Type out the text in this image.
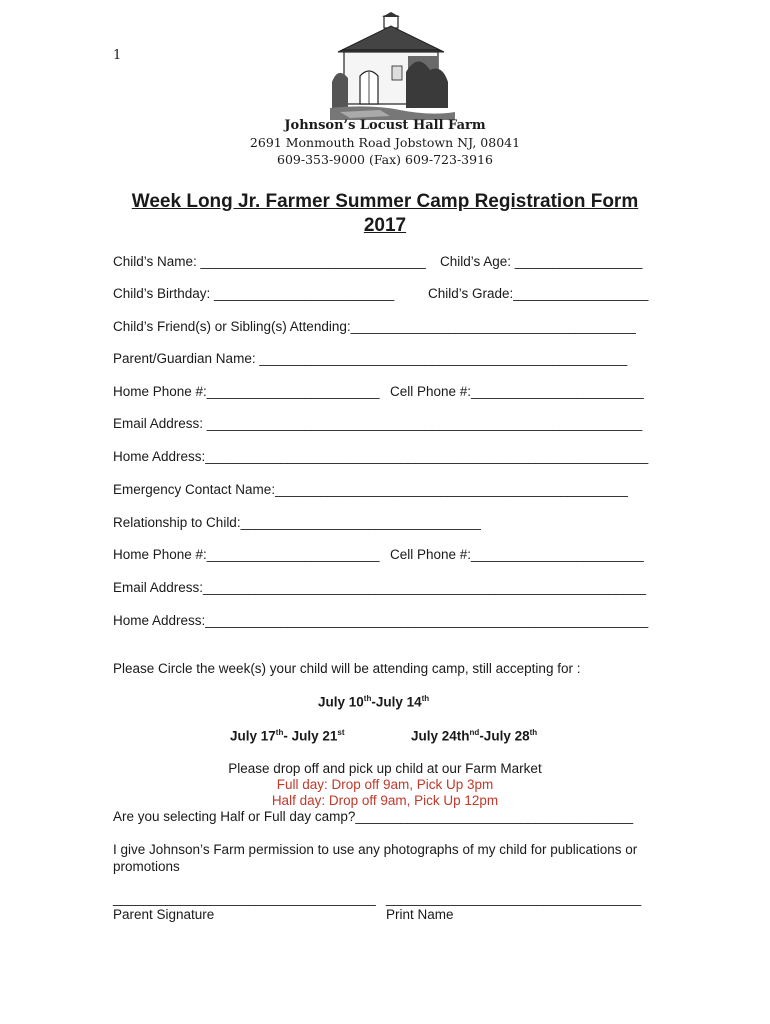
1
Johnson’s Locust Hall Farm
2691 Monmouth Road Jobstown NJ, 08041
609-353-9000 (Fax) 609-723-3916
Week Long Jr. Farmer Summer Camp Registration Form
2017
Child’s Name: ______________________________ Child’s Age: _________________
Child’s Birthday: ________________________	Child’s Grade:__________________
Child’s Friend(s) or Sibling(s) Attending:______________________________________
Parent/Guardian Name: _________________________________________________
Home Phone #:_______________________ Cell Phone #:_______________________
Email Address: __________________________________________________________
Home Address:___________________________________________________________
Emergency Contact Name:_______________________________________________
Relationship to Child:________________________________
Home Phone #:_______________________ Cell Phone #:_______________________
Email Address:___________________________________________________________
Home Address:___________________________________________________________
Please Circle the week(s) your child will be attending camp, still accepting for :
July 10th-July 14th
July 17th- July 21st	July $24th^{nd}$-July 28th
Please drop off and pick up child at our Farm Market
Full day: Drop off 9am, Pick Up 3pm
Half day: Drop off 9am, Pick Up 12pm
Are you selecting Half or Full day camp?_____________________________________
I give Johnson’s Farm permission to use any photographs of my child for publications or
promotions
___________________________________ __________________________________
Parent Signature	Print Name
